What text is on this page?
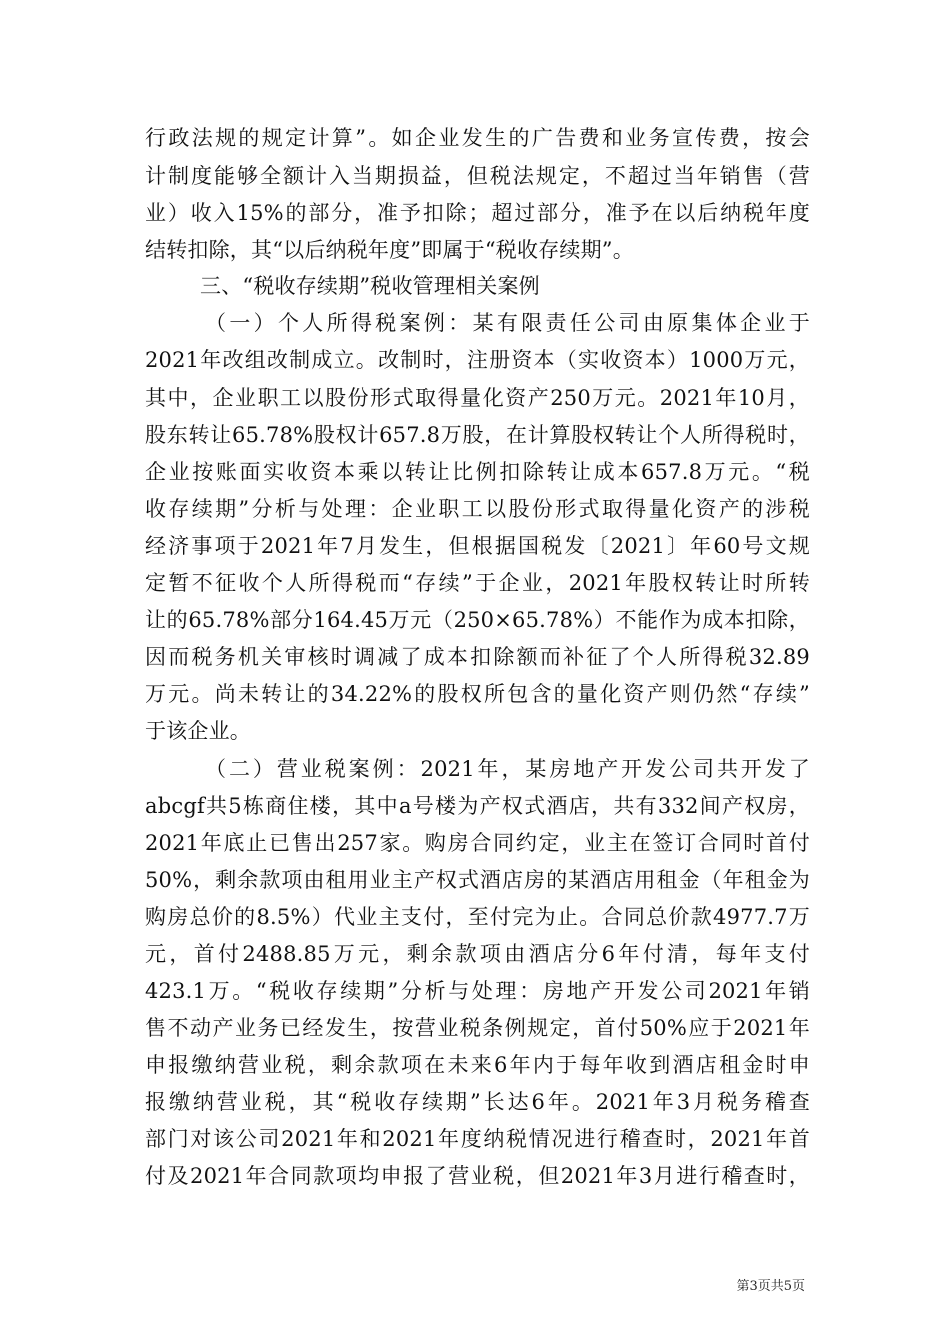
行政法规的规定计算”。如企业发生的广告费和业务宣传费，按会
计制度能够全额计入当期损益，但税法规定，不超过当年销售（营
业）收入15%的部分，准予扣除；超过部分，准予在以后纳税年度
结转扣除，其“以后纳税年度”即属于“税收存续期”。
三、“税收存续期”税收管理相关案例
（一）个人所得税案例：某有限责任公司由原集体企业于
2021年改组改制成立。改制时，注册资本（实收资本）1000万元，
其中，企业职工以股份形式取得量化资产250万元。2021年10月，
股东转让65.78%股权计657.8万股，在计算股权转让个人所得税时，
企业按账面实收资本乘以转让比例扣除转让成本657.8万元。“税
收存续期”分析与处理：企业职工以股份形式取得量化资产的涉税
经济事项于2021年7月发生，但根据国税发〔2021〕年60号文规
定暂不征收个人所得税而“存续”于企业，2021年股权转让时所转
让的65.78%部分164.45万元（250×65.78%）不能作为成本扣除，
因而税务机关审核时调减了成本扣除额而补征了个人所得税32.89
万元。尚未转让的34.22%的股权所包含的量化资产则仍然“存续”
于该企业。
（二）营业税案例：2021年，某房地产开发公司共开发了
abcgf共5栋商住楼，其中a号楼为产权式酒店，共有332间产权房，
2021年底止已售出257家。购房合同约定，业主在签订合同时首付
50%，剩余款项由租用业主产权式酒店房的某酒店用租金（年租金为
购房总价的8.5%）代业主支付，至付完为止。合同总价款4977.7万
元，首付2488.85万元，剩余款项由酒店分6年付清，每年支付
423.1万。“税收存续期”分析与处理：房地产开发公司2021年销
售不动产业务已经发生，按营业税条例规定，首付50%应于2021年
申报缴纳营业税，剩余款项在未来6年内于每年收到酒店租金时申
报缴纳营业税，其“税收存续期”长达6年。2021年3月税务稽查
部门对该公司2021年和2021年度纳税情况进行稽查时，2021年首
付及2021年合同款项均申报了营业税，但2021年3月进行稽查时，
第3页共5页
